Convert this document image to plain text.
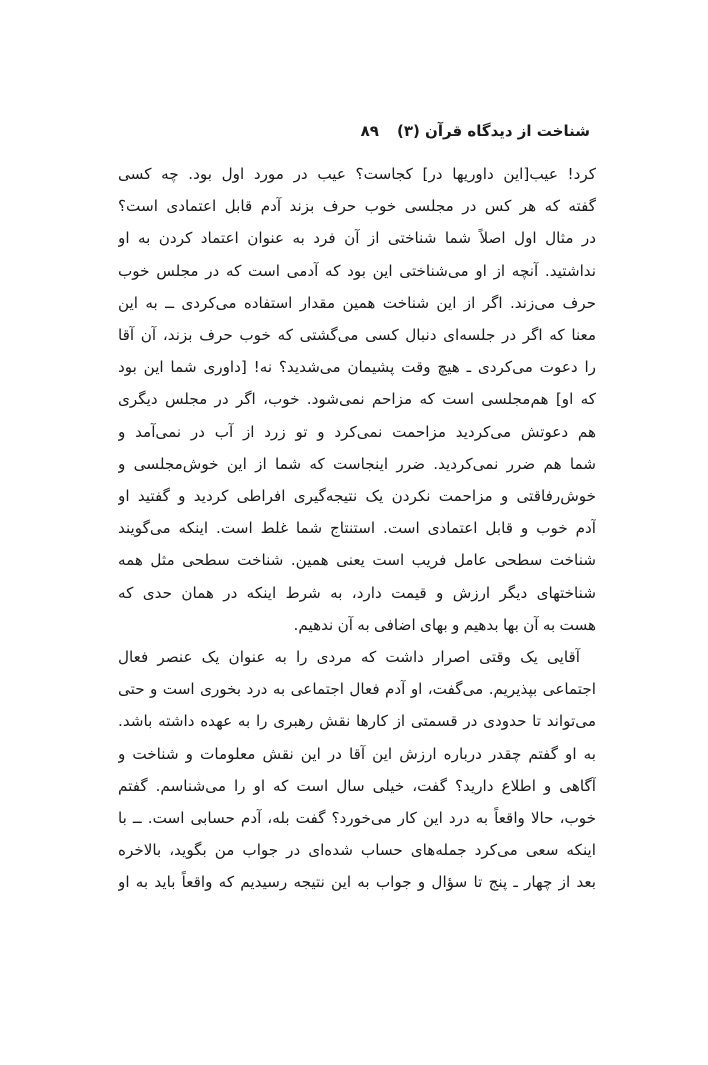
شناخت از دیدگاه قرآن (۳)
۸۹

کرد! عیب[این داوریها در] کجاست؟ عیب در مورد اول بود. چه کسی
گفته که هر کس در مجلسی خوب حرف بزند آدم قابل اعتمادی است؟
در مثال اول اصلاً شما شناختی از آن فرد به عنوان اعتماد کردن به او
نداشتید. آنچه از او می‌شناختی این بود که آدمی است که در مجلس خوب
حرف می‌زند. اگر از این شناخت همین مقدار استفاده می‌کردی ــ به این
معنا که اگر در جلسه‌ای دنبال کسی می‌گشتی که خوب حرف بزند، آن آقا
را دعوت می‌کردی ـ هیچ وقت پشیمان می‌شدید؟ نه! [داوری شما این بود
که او] هم‌مجلسی است که مزاحم نمی‌شود. خوب، اگر در مجلس دیگری
هم دعوتش می‌کردید مزاحمت نمی‌کرد و تو زرد از آب در نمی‌آمد و
شما هم ضرر نمی‌کردید. ضرر اینجاست که شما از این خوش‌مجلسی و
خوش‌رفاقتی و مزاحمت نکردن یک نتیجه‌گیری افراطی کردید و گفتید او
آدم خوب و قابل اعتمادی است. استنتاج شما غلط است. اینکه می‌گویند
شناخت سطحی عامل فریب است یعنی همین. شناخت سطحی مثل همه
شناختهای دیگر ارزش و قیمت دارد، به شرط اینکه در همان حدی که
هست به آن بها بدهیم و بهای اضافی به آن ندهیم.

آقایی یک وقتی اصرار داشت که مردی را به عنوان یک عنصر فعال
اجتماعی بپذیریم. می‌گفت، او آدم فعال اجتماعی به درد بخوری است و حتی
می‌تواند تا حدودی در قسمتی از کارها نقش رهبری را به عهده داشته باشد.
به او گفتم چقدر درباره ارزش این آقا در این نقش معلومات و شناخت و
آگاهی و اطلاع دارید؟ گفت، خیلی سال است که او را می‌شناسم. گفتم
خوب، حالا واقعاً به درد این کار می‌خورد؟ گفت بله، آدم حسابی است. ــ با
اینکه سعی می‌کرد جمله‌های حساب شده‌ای در جواب من بگوید، بالاخره
بعد از چهار ـ پنج تا سؤال و جواب به این نتیجه رسیدیم که واقعاً باید به او
